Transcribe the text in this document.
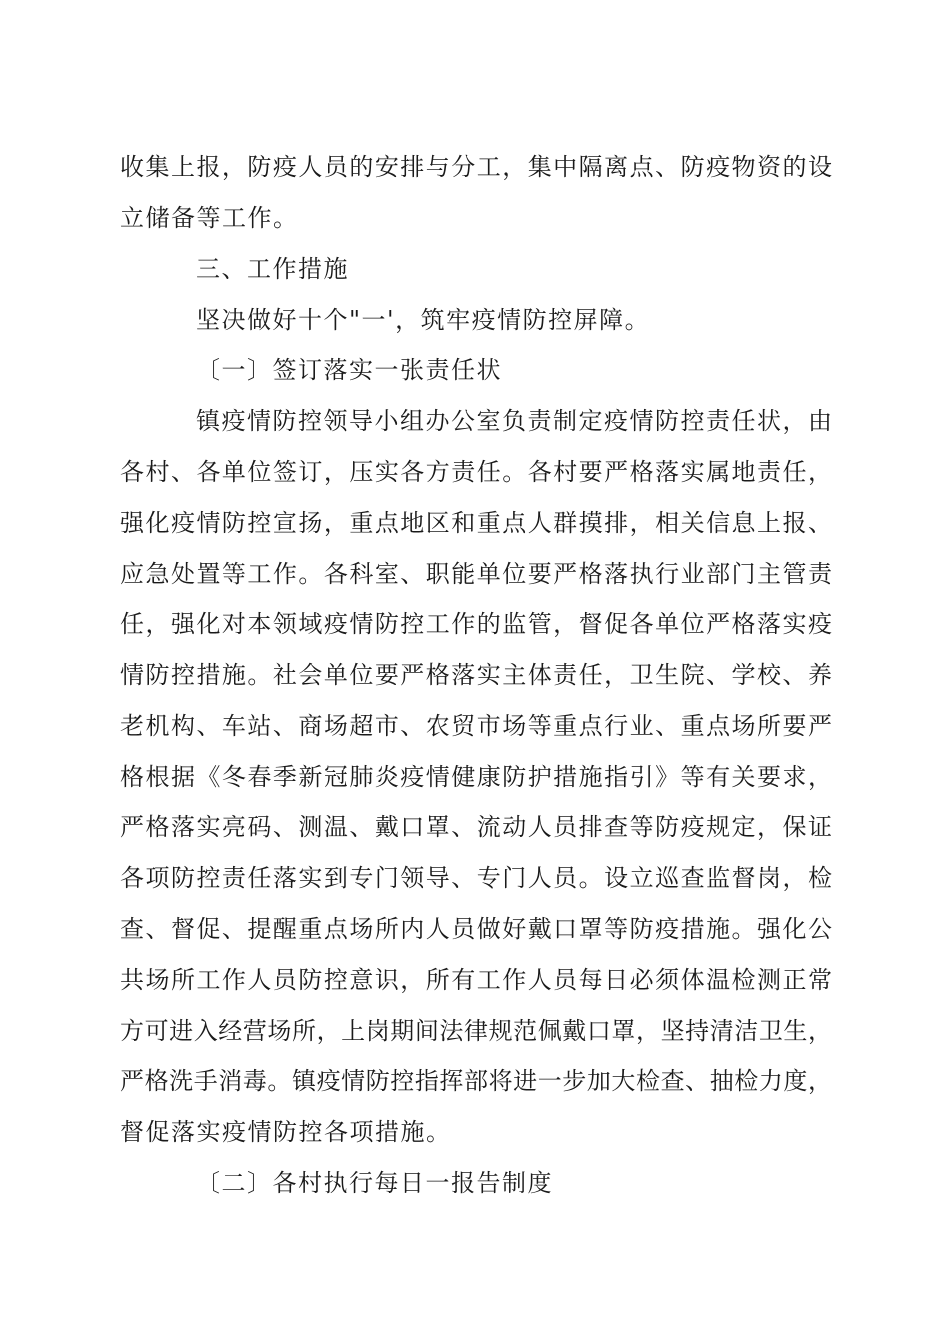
收集上报，防疫人员的安排与分工，集中隔离点、防疫物资的设
立储备等工作。
三、工作措施
坚决做好十个"一'，筑牢疫情防控屏障。
〔一〕签订落实一张责任状
镇疫情防控领导小组办公室负责制定疫情防控责任状，由
各村、各单位签订，压实各方责任。各村要严格落实属地责任，
强化疫情防控宣扬，重点地区和重点人群摸排，相关信息上报、
应急处置等工作。各科室、职能单位要严格落执行业部门主管责
任，强化对本领域疫情防控工作的监管，督促各单位严格落实疫
情防控措施。社会单位要严格落实主体责任，卫生院、学校、养
老机构、车站、商场超市、农贸市场等重点行业、重点场所要严
格根据《冬春季新冠肺炎疫情健康防护措施指引》等有关要求，
严格落实亮码、测温、戴口罩、流动人员排查等防疫规定，保证
各项防控责任落实到专门领导、专门人员。设立巡查监督岗，检
查、督促、提醒重点场所内人员做好戴口罩等防疫措施。强化公
共场所工作人员防控意识，所有工作人员每日必须体温检测正常
方可进入经营场所，上岗期间法律规范佩戴口罩，坚持清洁卫生，
严格洗手消毒。镇疫情防控指挥部将进一步加大检查、抽检力度，
督促落实疫情防控各项措施。
〔二〕各村执行每日一报告制度
